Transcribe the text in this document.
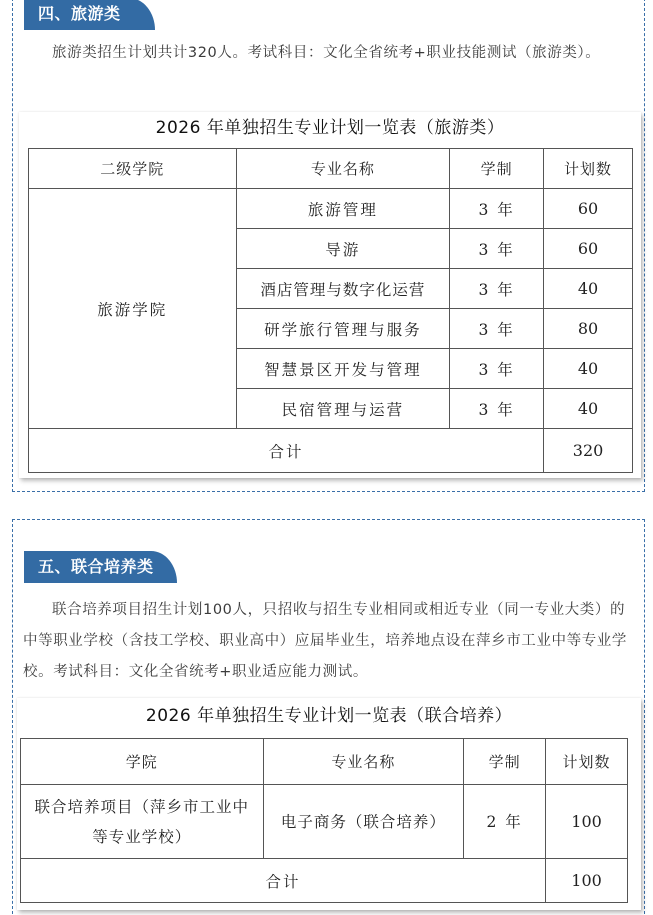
四、旅游类

旅游类招生计划共计320人。考试科目：文化全省统考+职业技能测试（旅游类）。

2026 年单独招生专业计划一览表（旅游类）
二级学院	专业名称	学制	计划数
旅游学院	旅游管理	3 年	60
	导游	3 年	60
	酒店管理与数字化运营	3 年	40
	研学旅行管理与服务	3 年	80
	智慧景区开发与管理	3 年	40
	民宿管理与运营	3 年	40
合计			320
五、联合培养类

联合培养项目招生计划100人，只招收与招生专业相同或相近专业（同一专业大类）的中等职业学校（含技工学校、职业高中）应届毕业生，培养地点设在萍乡市工业中等专业学校。考试科目：文化全省统考+职业适应能力测试。

2026 年单独招生专业计划一览表（联合培养）
学院	专业名称	学制	计划数
联合培养项目（萍乡市工业中等专业学校）	电子商务（联合培养）	2 年	100
合计			100
